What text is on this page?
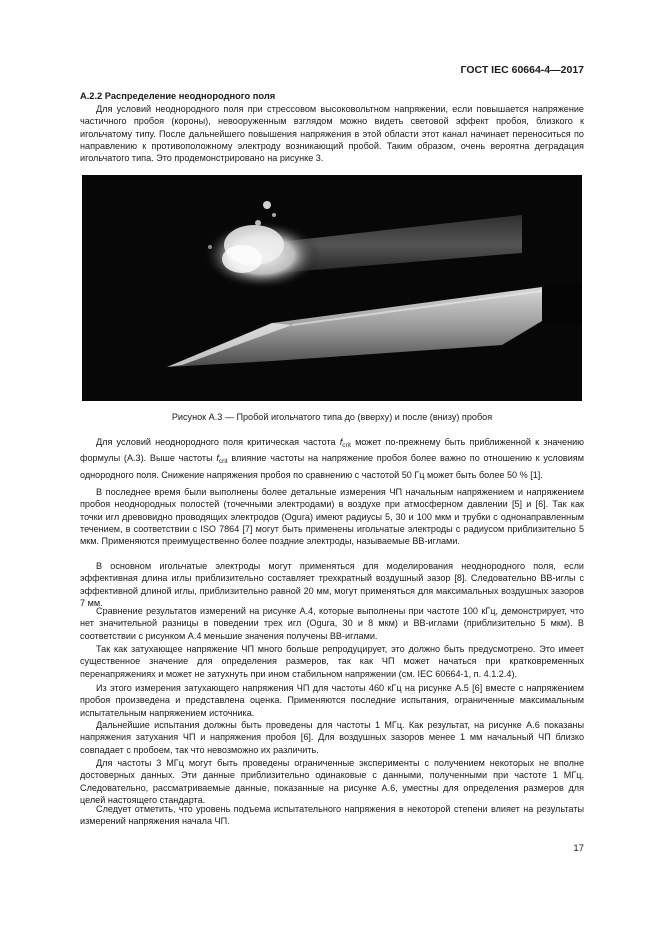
ГОСТ IEC 60664-4—2017
А.2.2 Распределение неоднородного поля

Для условий неоднородного поля при стрессовом высоковольтном напряжении, если повышается напряжение частичного пробоя (короны), невооруженным взглядом можно видеть световой эффект пробоя, близкого к игольчатому типу. После дальнейшего повышения напряжения в этой области этот канал начинает переноситься по направлению к противоположному электроду возникающий пробой. Таким образом, очень вероятна деградация игольчатого типа. Это продемонстрировано на рисунке 3.

Рисунок А.3 — Пробой игольчатого типа до (вверху) и после (внизу) пробоя

Для условий неоднородного поля критическая частота $f_{crit}$ может по-прежнему быть приближенной к значению формулы (А.3). Выше частоты $f_{crit}$ влияние частоты на напряжение пробоя более важно по отношению к условиям однородного поля. Снижение напряжения пробоя по сравнению с частотой 50 Гц может быть более 50 % [1].

В последнее время были выполнены более детальные измерения ЧП начальным напряжением и напряжением пробоя неоднородных полостей (точечными электродами) в воздухе при атмосферном давлении [5] и [6]. Так как точки игл древовидно проводящих электродов (Ogura) имеют радиусы 5, 30 и 100 мкм и трубки с однонаправленным течением, в соответствии с ISO 7864 [7] могут быть применены игольчатые электроды с радиусом приблизительно 5 мкм. Применяются преимущественно более поздние электроды, называемые ВВ-иглами.

В основном игольчатые электроды могут применяться для моделирования неоднородного поля, если эффективная длина иглы приблизительно составляет трехкратный воздушный зазор [8]. Следовательно ВВ-иглы с эффективной длиной иглы, приблизительно равной 20 мм, могут применяться для максимальных воздушных зазоров 7 мм.

Сравнение результатов измерений на рисунке А.4, которые выполнены при частоте 100 кГц, демонстрирует, что нет значительной разницы в поведении трех игл (Ogura, 30 и 8 мкм) и ВВ-иглами (приблизительно 5 мкм). В соответствии с рисунком А.4 меньшие значения получены ВВ-иглами.

Так как затухающее напряжение ЧП много больше репродуцирует, это должно быть предусмотрено. Это имеет существенное значение для определения размеров, так как ЧП может начаться при кратковременных перенапряжениях и может не затухнуть при ином стабильном напряжении (см. IEC 60664-1, п. 4.1.2.4).

Из этого измерения затухающего напряжения ЧП для частоты 460 кГц на рисунке А.5 [6] вместе с напряжением пробоя произведена и представлена оценка. Применяются последние испытания, ограниченные максимальным испытательным напряжением источника.

Дальнейшие испытания должны быть проведены для частоты 1 МГц. Как результат, на рисунке А.6 показаны напряжения затухания ЧП и напряжения пробоя [6]. Для воздушных зазоров менее 1 мм начальный ЧП близко совпадает с пробоем, так что невозможно их различить.

Для частоты 3 МГц могут быть проведены ограниченные эксперименты с получением некоторых не вполне достоверных данных. Эти данные приблизительно одинаковые с данными, полученными при частоте 1 МГц. Следовательно, рассматриваемые данные, показанные на рисунке А.6, уместны для определения размеров для целей настоящего стандарта.

Следует отметить, что уровень подъема испытательного напряжения в некоторой степени влияет на результаты измерений напряжения начала ЧП.

17
